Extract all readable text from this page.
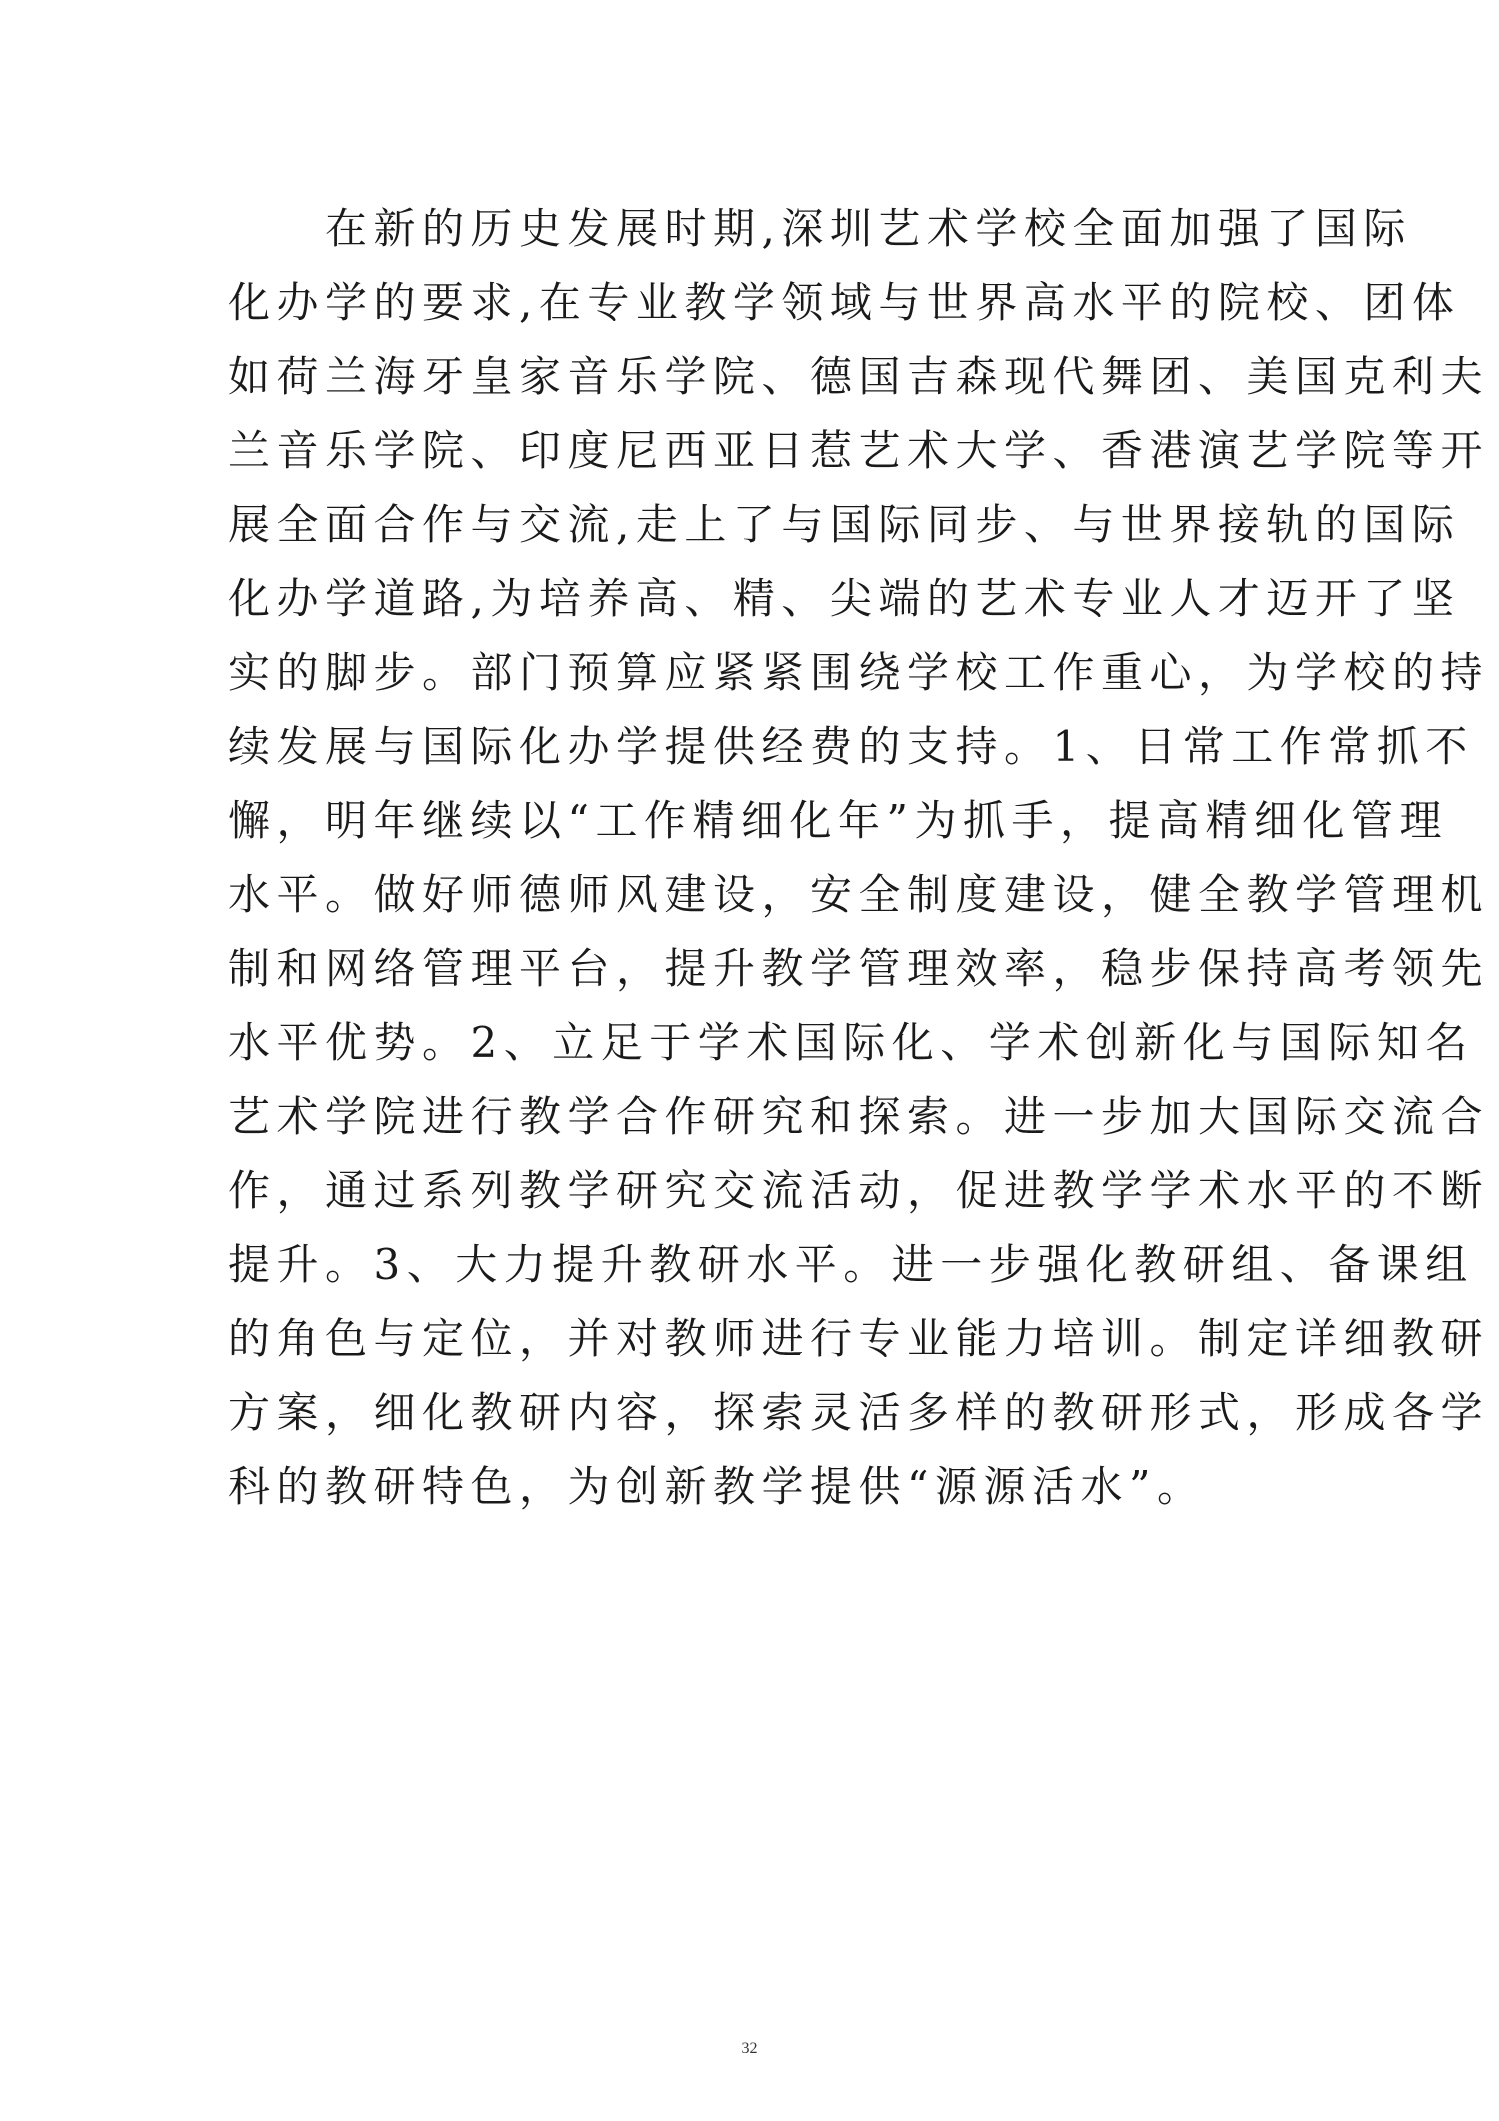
　　在新的历史发展时期,深圳艺术学校全面加强了国际
化办学的要求,在专业教学领域与世界高水平的院校、团体
如荷兰海牙皇家音乐学院、德国吉森现代舞团、美国克利夫
兰音乐学院、印度尼西亚日惹艺术大学、香港演艺学院等开
展全面合作与交流,走上了与国际同步、与世界接轨的国际
化办学道路,为培养高、精、尖端的艺术专业人才迈开了坚
实的脚步。部门预算应紧紧围绕学校工作重心，为学校的持
续发展与国际化办学提供经费的支持。1、日常工作常抓不
懈，明年继续以“工作精细化年”为抓手，提高精细化管理
水平。做好师德师风建设，安全制度建设，健全教学管理机
制和网络管理平台，提升教学管理效率，稳步保持高考领先
水平优势。2、立足于学术国际化、学术创新化与国际知名
艺术学院进行教学合作研究和探索。进一步加大国际交流合
作，通过系列教学研究交流活动，促进教学学术水平的不断
提升。3、大力提升教研水平。进一步强化教研组、备课组
的角色与定位，并对教师进行专业能力培训。制定详细教研
方案，细化教研内容，探索灵活多样的教研形式，形成各学
科的教研特色，为创新教学提供“源源活水”。
32
